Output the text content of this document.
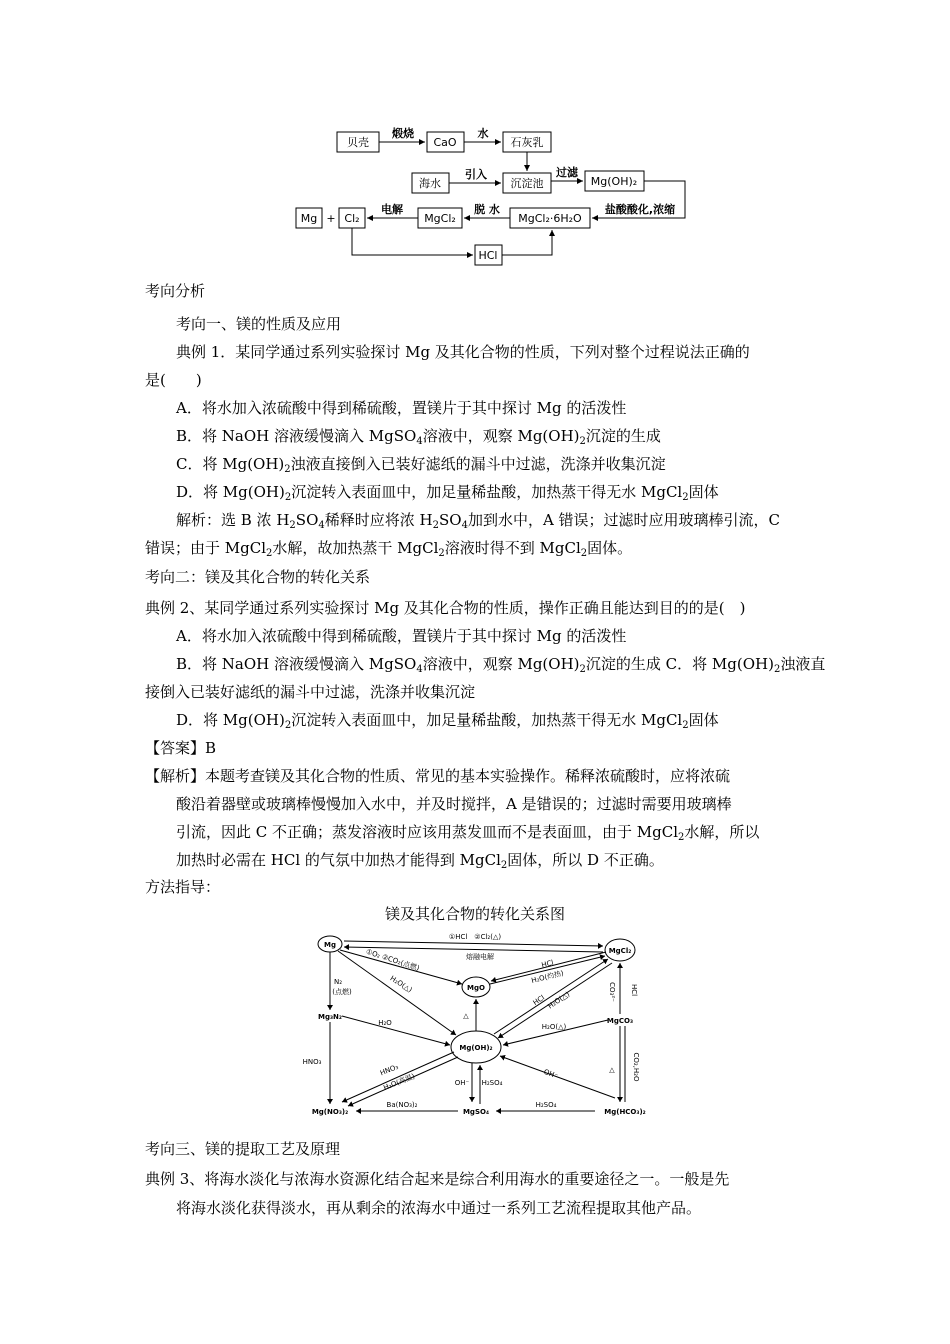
贝壳	CaO	石灰乳
海水	沉淀池	Mg(OH)₂
Mg + Cl₂	MgCl₂	MgCl₂·6H₂O
HCl
煅烧	水
引入	过滤
电解	脱 水	盐酸酸化,浓缩
考向分析
考向一、镁的性质及应用
典例 1．某同学通过系列实验探讨 Mg 及其化合物的性质，下列对整个过程说法正确的
是(　　)
A．将水加入浓硫酸中得到稀硫酸，置镁片于其中探讨 Mg 的活泼性
B．将 NaOH 溶液缓慢滴入 MgSO$_4$溶液中，观察 $Mg(OH)_2$沉淀的生成
C．将 $Mg(OH)_2$浊液直接倒入已装好滤纸的漏斗中过滤，洗涤并收集沉淀
D．将 $Mg(OH)_2$沉淀转入表面皿中，加足量稀盐酸，加热蒸干得无水 MgCl$_2$固体
解析：选 B 浓 $H_2SO_4$稀释时应将浓 $H_2SO_4$加到水中，A 错误；过滤时应用玻璃棒引流，C
错误；由于 MgCl$_2$水解，故加热蒸干 MgCl$_2$溶液时得不到 MgCl$_2$固体。
考向二：镁及其化合物的转化关系
典例 2、某同学通过系列实验探讨 Mg 及其化合物的性质，操作正确且能达到目的的是(　)
A．将水加入浓硫酸中得到稀硫酸，置镁片于其中探讨 Mg 的活泼性
B．将 NaOH 溶液缓慢滴入 MgSO$_4$溶液中，观察 $Mg(OH)_2$沉淀的生成 C．将 $Mg(OH)_2$浊液直
接倒入已装好滤纸的漏斗中过滤，洗涤并收集沉淀
D．将 $Mg(OH)_2$沉淀转入表面皿中，加足量稀盐酸，加热蒸干得无水 MgCl$_2$固体
【答案】B
【解析】本题考查镁及其化合物的性质、常见的基本实验操作。稀释浓硫酸时，应将浓硫
酸沿着器壁或玻璃棒慢慢加入水中，并及时搅拌，A 是错误的；过滤时需要用玻璃棒
引流，因此 C 不正确；蒸发溶液时应该用蒸发皿而不是表面皿，由于 MgCl$_2$水解，所以
加热时必需在 HCl 的气氛中加热才能得到 MgCl$_2$固体，所以 D 不正确。
方法指导：
镁及其化合物的转化关系图
Mg
MgCl₂
MgO
Mg₃N₂
Mg(OH)₂
MgCO₃
Mg(NO₃)₂	MgSO₄	Mg(HCO₃)₂
①HCl　②Cl₂(△)
熔融电解
①O₂ ②CO₂(点燃)
H₂O(△)
N₂
(点燃)
HCl
H₂O(灼热)
HCl H₂O(△)
△
CO₃²⁻ HCl
H₂O	H₂O(△)
HNO₃
HNO₃
H₂O(高温)	OH⁻ H₂SO₄
OH⁻	CO₂,H₂O
△
Ba(NO₃)₂	H₂SO₄
考向三、镁的提取工艺及原理
典例 3、将海水淡化与浓海水资源化结合起来是综合利用海水的重要途径之一。一般是先
将海水淡化获得淡水，再从剩余的浓海水中通过一系列工艺流程提取其他产品。
